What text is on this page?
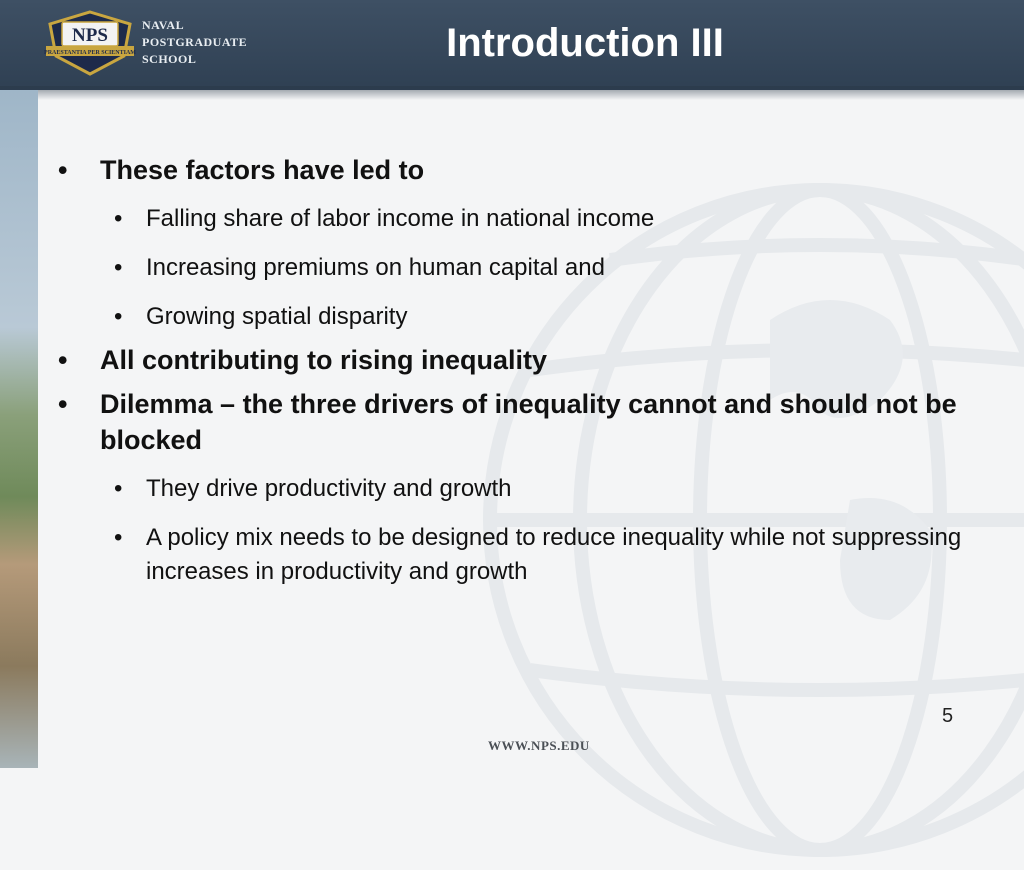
NPS
PRAESTANTIA PER SCIENTIAM
NAVAL
POSTGRADUATE
SCHOOL	Introduction III
• These factors have led to
• Falling share of labor income in national income
• Increasing premiums on human capital and
• Growing spatial disparity
• All contributing to rising inequality
• Dilemma – the three drivers of inequality cannot and should not be blocked
• They drive productivity and growth
• A policy mix needs to be designed to reduce inequality while not suppressing increases in productivity and growth
5
WWW.NPS.EDU
